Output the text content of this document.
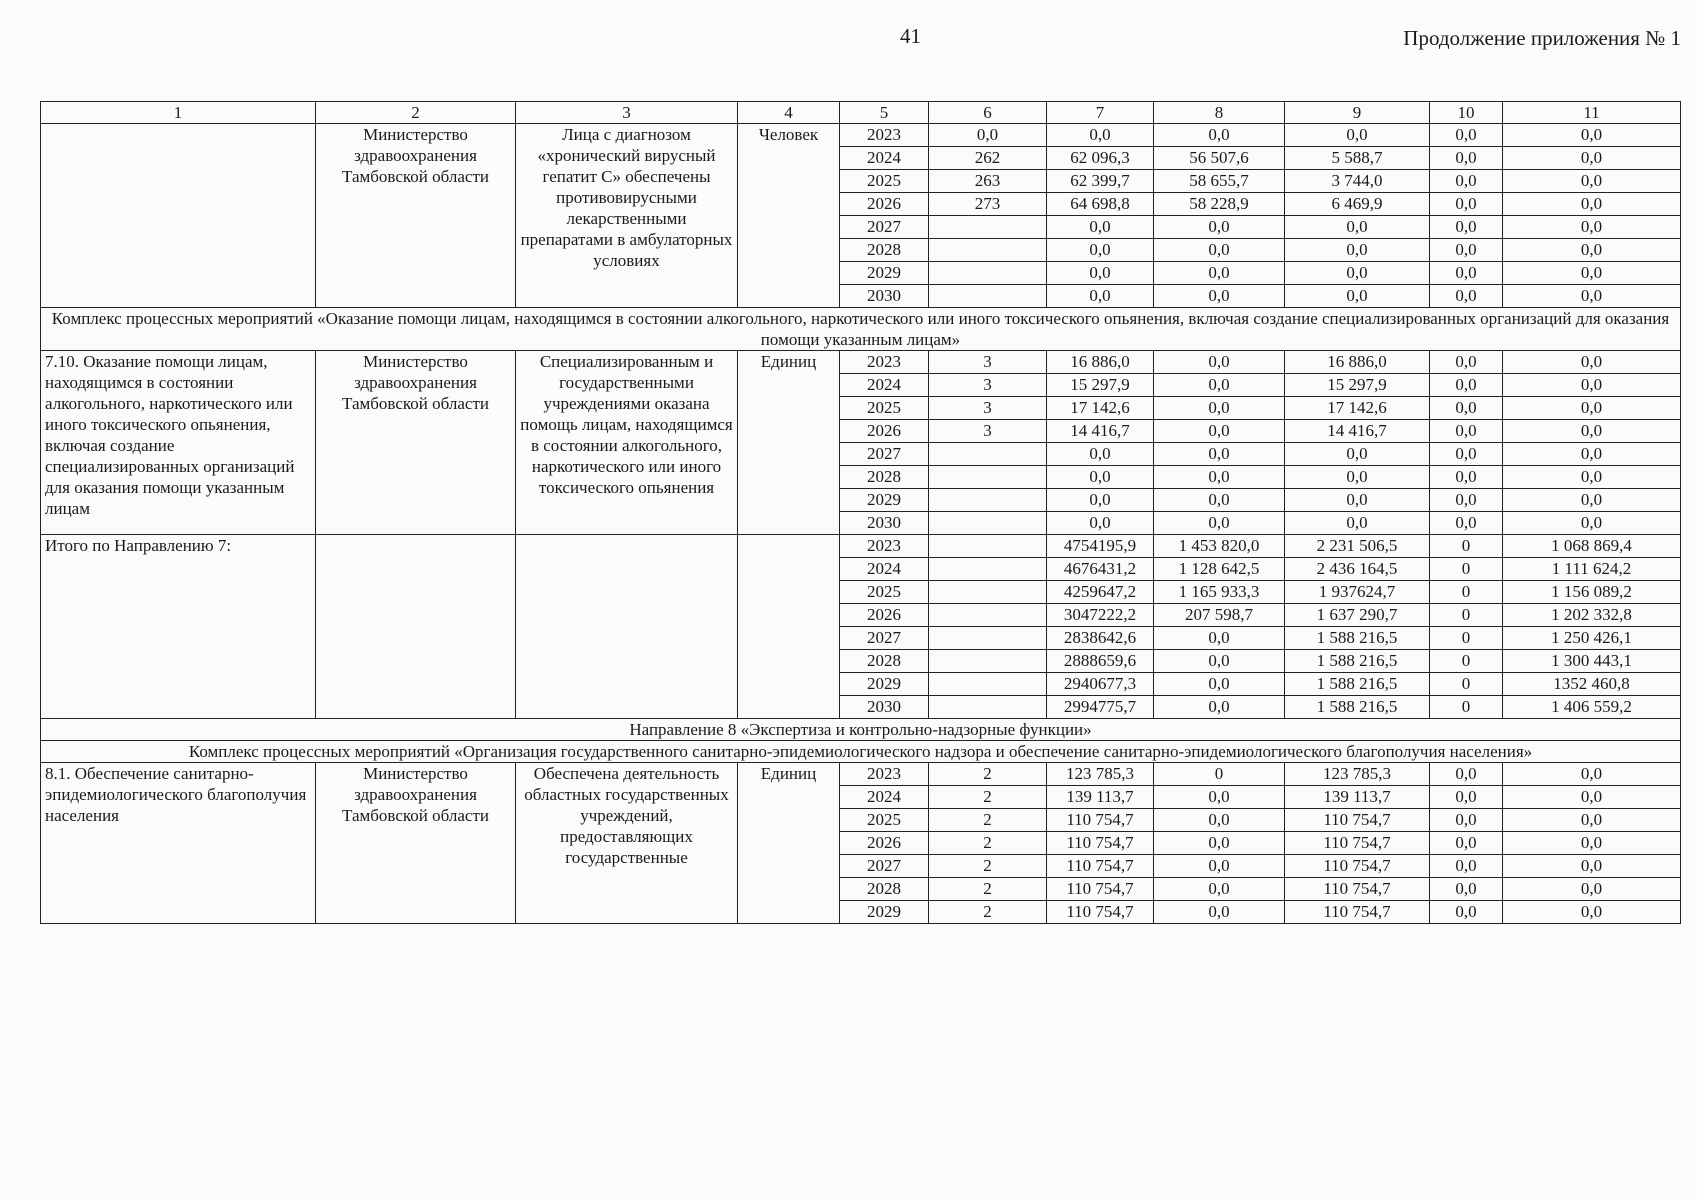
41	Продолжение приложения № 1
1	2	3	4	5	6	7	8	9	10	11
	Министерство здравоохранения Тамбовской области	Лица с диагнозом «хронический вирусный гепатит С» обеспечены противовирусными лекарственными препаратами в амбулаторных условиях	Человек	2023	0,0	0,0	0,0	0,0	0,0	0,0
				2024	262	62 096,3	56 507,6	5 588,7	0,0	0,0
				2025	263	62 399,7	58 655,7	3 744,0	0,0	0,0
				2026	273	64 698,8	58 228,9	6 469,9	0,0	0,0
				2027		0,0	0,0	0,0	0,0	0,0
				2028		0,0	0,0	0,0	0,0	0,0
				2029		0,0	0,0	0,0	0,0	0,0
				2030		0,0	0,0	0,0	0,0	0,0
Комплекс процессных мероприятий «Оказание помощи лицам, находящимся в состоянии алкогольного, наркотического или иного токсического опьянения, включая создание специализированных организаций для оказания помощи указанным лицам»										
7.10. Оказание помощи лицам, находящимся в состоянии алкогольного, наркотического или иного токсического опьянения, включая создание специализированных организаций для оказания помощи указанным лицам	Министерство здравоохранения Тамбовской области	Специализированным и государственными учреждениями оказана помощь лицам, находящимся в состоянии алкогольного, наркотического или иного токсического опьянения	Единиц	2023	3	16 886,0	0,0	16 886,0	0,0	0,0
				2024	3	15 297,9	0,0	15 297,9	0,0	0,0
				2025	3	17 142,6	0,0	17 142,6	0,0	0,0
				2026	3	14 416,7	0,0	14 416,7	0,0	0,0
				2027		0,0	0,0	0,0	0,0	0,0
				2028		0,0	0,0	0,0	0,0	0,0
				2029		0,0	0,0	0,0	0,0	0,0
				2030		0,0	0,0	0,0	0,0	0,0
Итого по Направлению 7:				2023		4754195,9	1 453 820,0	2 231 506,5	0	1 068 869,4
				2024		4676431,2	1 128 642,5	2 436 164,5	0	1 111 624,2
				2025		4259647,2	1 165 933,3	1 937624,7	0	1 156 089,2
				2026		3047222,2	207 598,7	1 637 290,7	0	1 202 332,8
				2027		2838642,6	0,0	1 588 216,5	0	1 250 426,1
				2028		2888659,6	0,0	1 588 216,5	0	1 300 443,1
				2029		2940677,3	0,0	1 588 216,5	0	1352 460,8
				2030		2994775,7	0,0	1 588 216,5	0	1 406 559,2
Направление 8 «Экспертиза и контрольно-надзорные функции»										
Комплекс процессных мероприятий «Организация государственного санитарно-эпидемиологического надзора и обеспечение санитарно-эпидемиологического благополучия населения»										
8.1. Обеспечение санитарно-эпидемиологического благополучия населения	Министерство здравоохранения Тамбовской области	Обеспечена деятельность областных государственных учреждений, предоставляющих государственные	Единиц	2023	2	123 785,3	0	123 785,3	0,0	0,0
				2024	2	139 113,7	0,0	139 113,7	0,0	0,0
				2025	2	110 754,7	0,0	110 754,7	0,0	0,0
				2026	2	110 754,7	0,0	110 754,7	0,0	0,0
				2027	2	110 754,7	0,0	110 754,7	0,0	0,0
				2028	2	110 754,7	0,0	110 754,7	0,0	0,0
				2029	2	110 754,7	0,0	110 754,7	0,0	0,0
